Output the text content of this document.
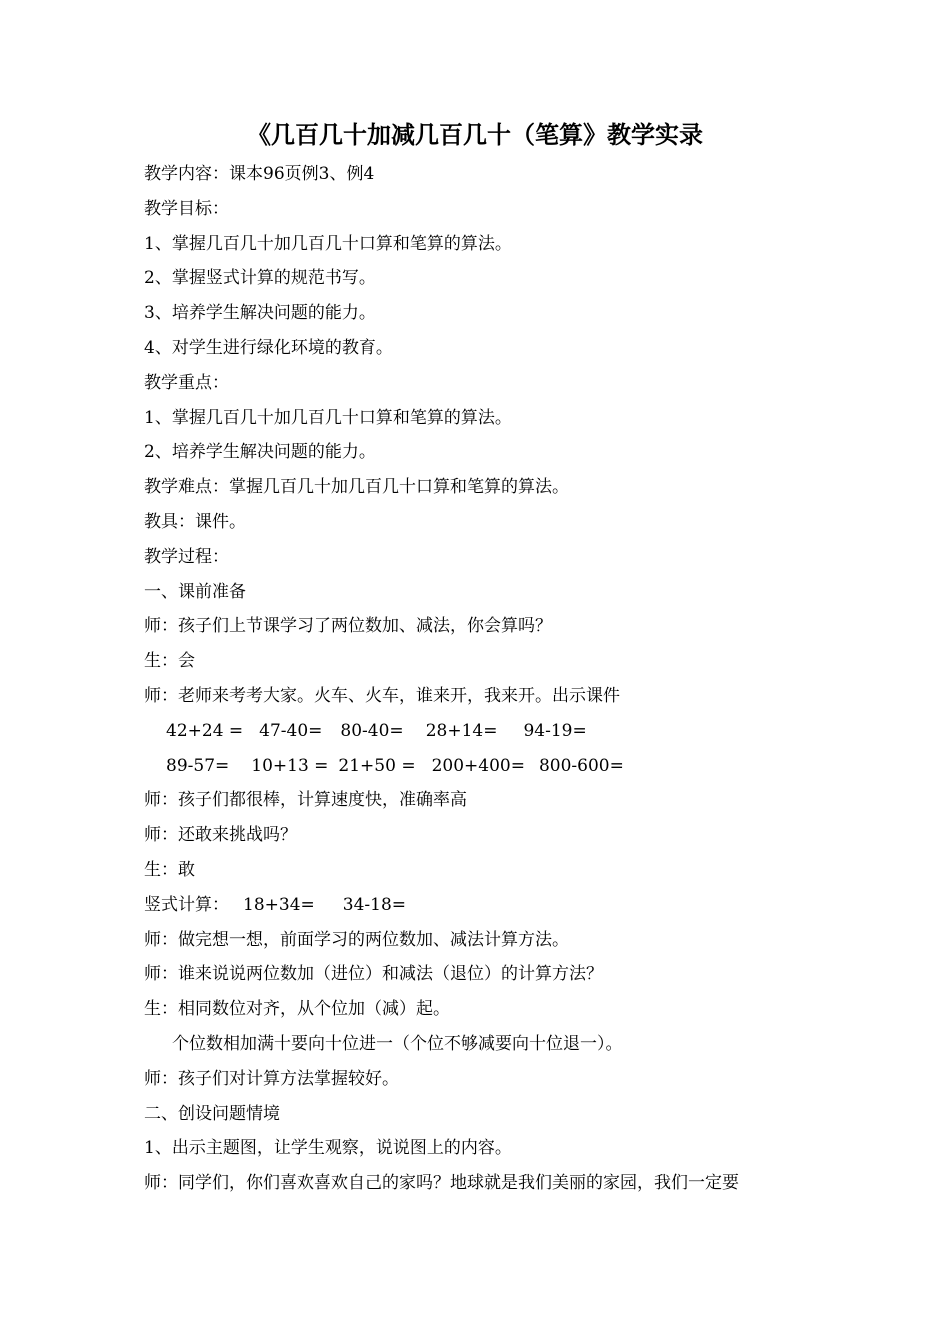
《几百几十加减几百几十（笔算》教学实录
教学内容：课本96页例3、例4
教学目标：
1、掌握几百几十加几百几十口算和笔算的算法。
2、掌握竖式计算的规范书写。
3、培养学生解决问题的能力。
4、对学生进行绿化环境的教育。
教学重点：
1、掌握几百几十加几百几十口算和笔算的算法。
2、培养学生解决问题的能力。
教学难点：掌握几百几十加几百几十口算和笔算的算法。
教具：课件。
教学过程：
一、课前准备
师：孩子们上节课学习了两位数加、减法，你会算吗？
生：会
师：老师来考考大家。火车、火车，谁来开，我来开。出示课件
42+24 = 47-40= 80-40= 28+14= 94-19=
89-57= 10+13 = 21+50 = 200+400= 800-600=
师：孩子们都很棒，计算速度快，准确率高
师：还敢来挑战吗？
生：敢
竖式计算： 18+34= 34-18=
师：做完想一想，前面学习的两位数加、减法计算方法。
师：谁来说说两位数加（进位）和减法（退位）的计算方法？
生：相同数位对齐，从个位加（减）起。
个位数相加满十要向十位进一（个位不够减要向十位退一）。
师：孩子们对计算方法掌握较好。
二、创设问题情境
1、出示主题图，让学生观察，说说图上的内容。
师：同学们，你们喜欢喜欢自己的家吗？地球就是我们美丽的家园，我们一定要
